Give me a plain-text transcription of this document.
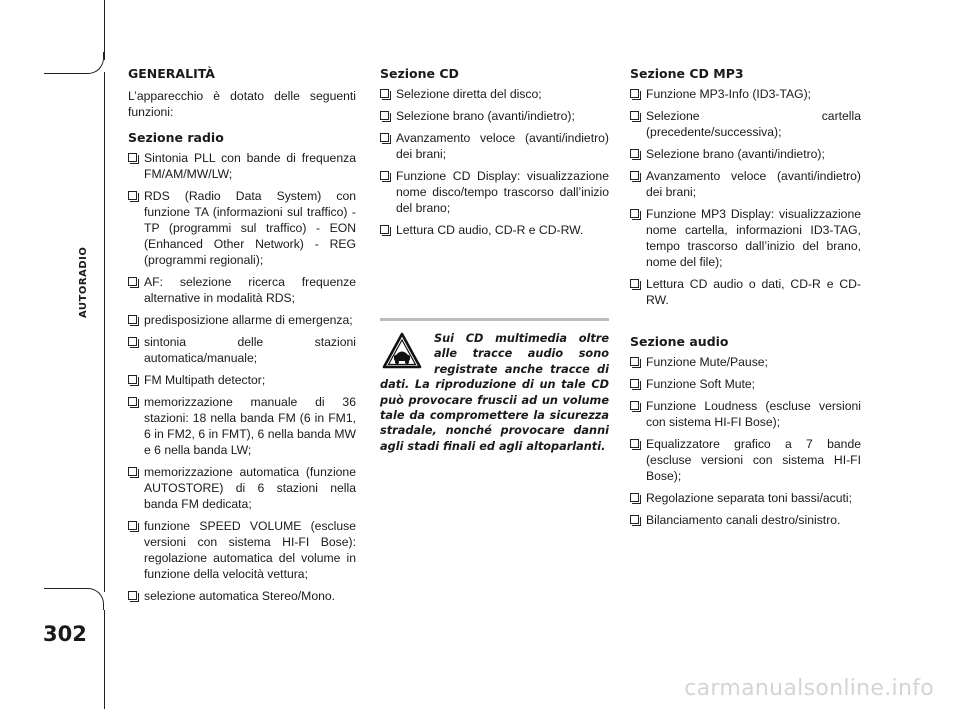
AUTORADIO
302
GENERALITÀ

L’apparecchio è dotato delle seguenti funzioni:

Sezione radio
Sintonia PLL con bande di frequenza FM/AM/MW/LW;
RDS (Radio Data System) con funzione TA (informazioni sul traffico) - TP (programmi sul traffico) - EON (Enhanced Other Network) - REG (programmi regionali);
AF: selezione ricerca frequenze alternative in modalità RDS;
predisposizione allarme di emergenza;
sintonia delle stazioni automatica/manuale;
FM Multipath detector;
memorizzazione manuale di 36 stazioni: 18 nella banda FM (6 in FM1, 6 in FM2, 6 in FMT), 6 nella banda MW e 6 nella banda LW;
memorizzazione automatica (funzione AUTOSTORE) di 6 stazioni nella banda FM dedicata;
funzione SPEED VOLUME (escluse versioni con sistema HI-FI Bose): regolazione automatica del volume in funzione della velocità vettura;
selezione automatica Stereo/Mono.
Sezione CD
Selezione diretta del disco;
Selezione brano (avanti/indietro);
Avanzamento veloce (avanti/indietro) dei brani;
Funzione CD Display: visualizzazione nome disco/tempo trascorso dall’inizio del brano;
Lettura CD audio, CD-R e CD-RW.

Sui CD multimedia oltre alle tracce audio sono registrate anche tracce di dati. La riproduzione di un tale CD può provocare fruscii ad un volume tale da compromettere la sicurezza stradale, nonché provocare danni agli stadi finali ed agli altoparlanti.

Sezione CD MP3
Funzione MP3-Info (ID3-TAG);
Selezione cartella (precedente/successiva);
Selezione brano (avanti/indietro);
Avanzamento veloce (avanti/indietro) dei brani;
Funzione MP3 Display: visualizzazione nome cartella, informazioni ID3-TAG, tempo trascorso dall’inizio del brano, nome del file);
Lettura CD audio o dati, CD-R e CD-RW.
Sezione audio
Funzione Mute/Pause;
Funzione Soft Mute;
Funzione Loudness (escluse versioni con sistema HI-FI Bose);
Equalizzatore grafico a 7 bande (escluse versioni con sistema HI-FI Bose);
Regolazione separata toni bassi/acuti;
Bilanciamento canali destro/sinistro.
carmanualsonline.info
